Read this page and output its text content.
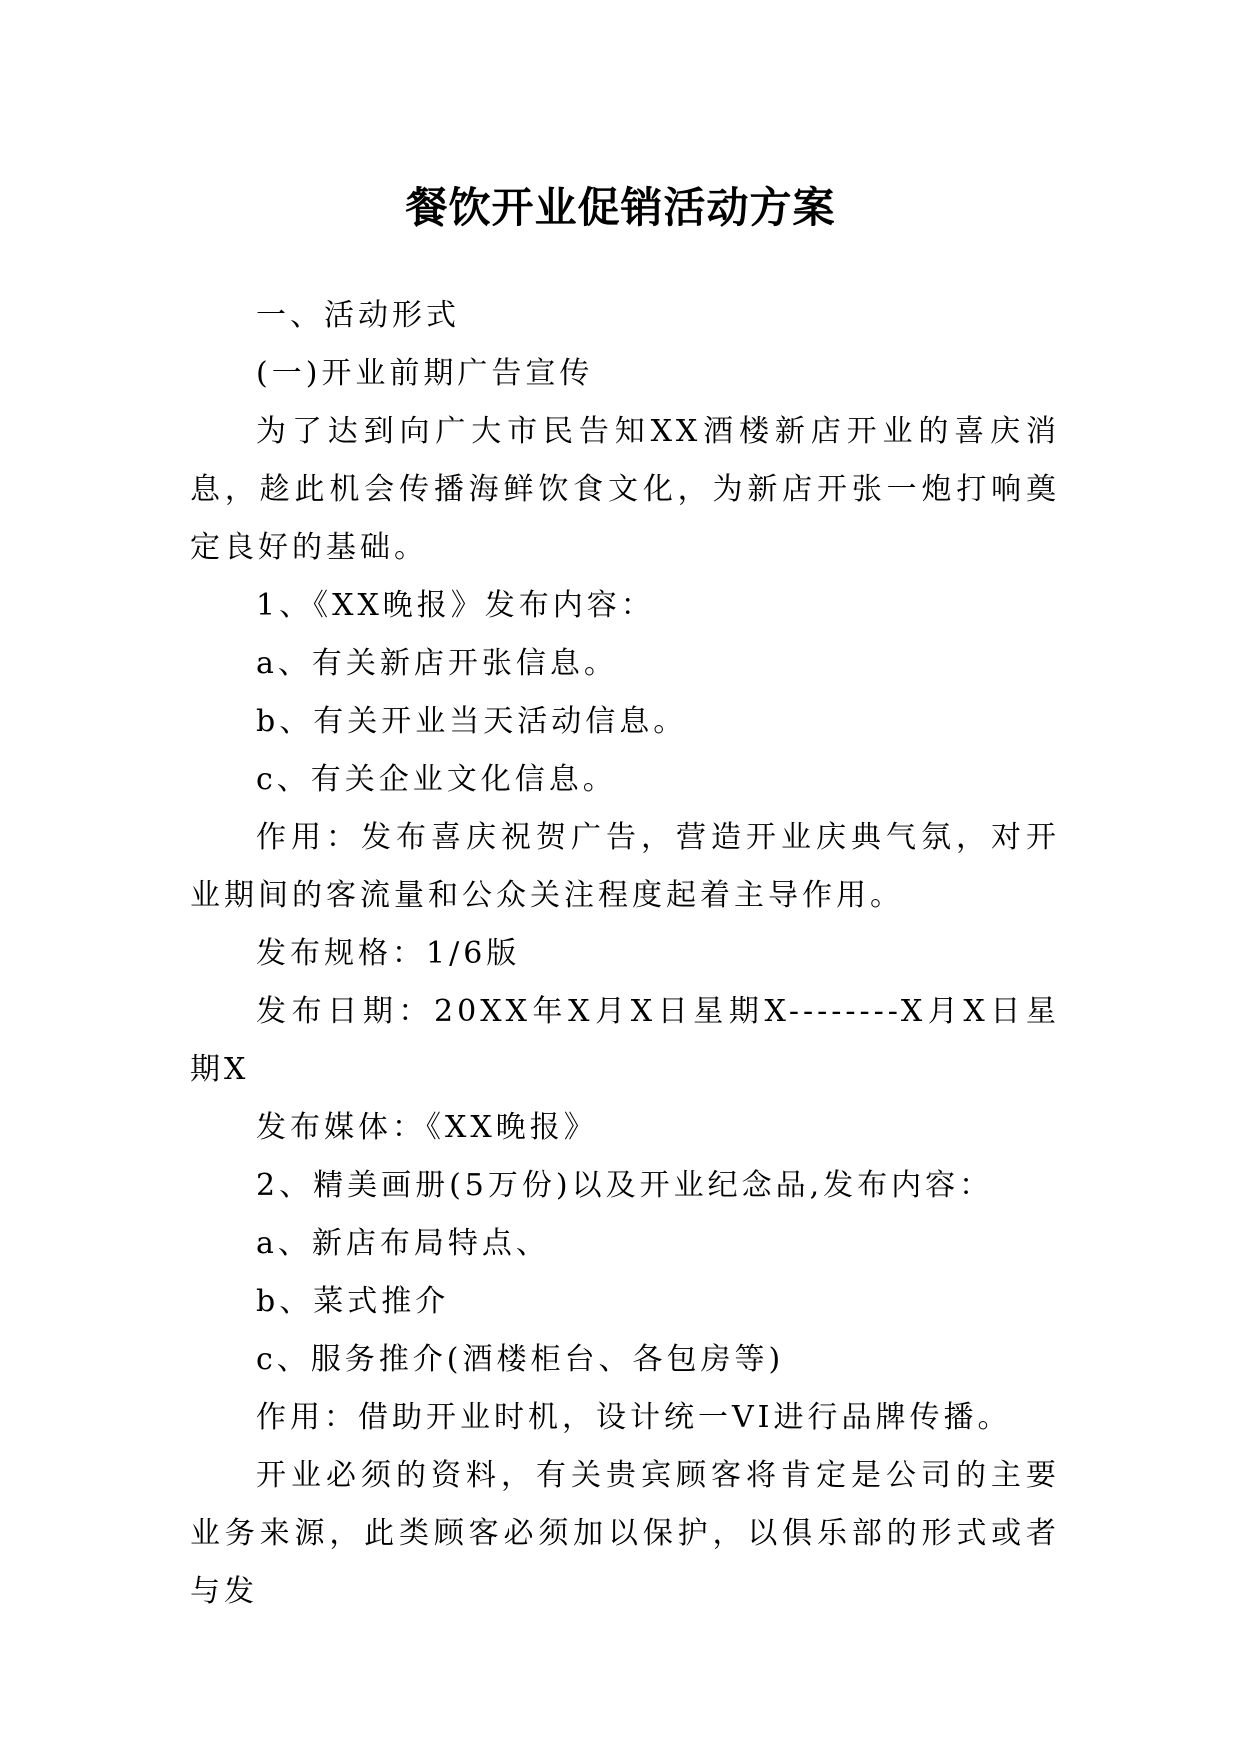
餐饮开业促销活动方案

一、活动形式

(一)开业前期广告宣传

为了达到向广大市民告知XX酒楼新店开业的喜庆消息，趁此机会传播海鲜饮食文化，为新店开张一炮打响奠定良好的基础。

1、《XX晚报》发布内容：

a、有关新店开张信息。

b、有关开业当天活动信息。

c、有关企业文化信息。

作用：发布喜庆祝贺广告，营造开业庆典气氛，对开业期间的客流量和公众关注程度起着主导作用。

发布规格：1/6版

发布日期：20XX年X月X日星期X--------X月X日星期X

发布媒体：《XX晚报》

2、精美画册(5万份)以及开业纪念品,发布内容：

a、新店布局特点、

b、菜式推介

c、服务推介(酒楼柜台、各包房等)

作用：借助开业时机，设计统一VI进行品牌传播。

开业必须的资料，有关贵宾顾客将肯定是公司的主要业务来源，此类顾客必须加以保护，以俱乐部的形式或者与发
